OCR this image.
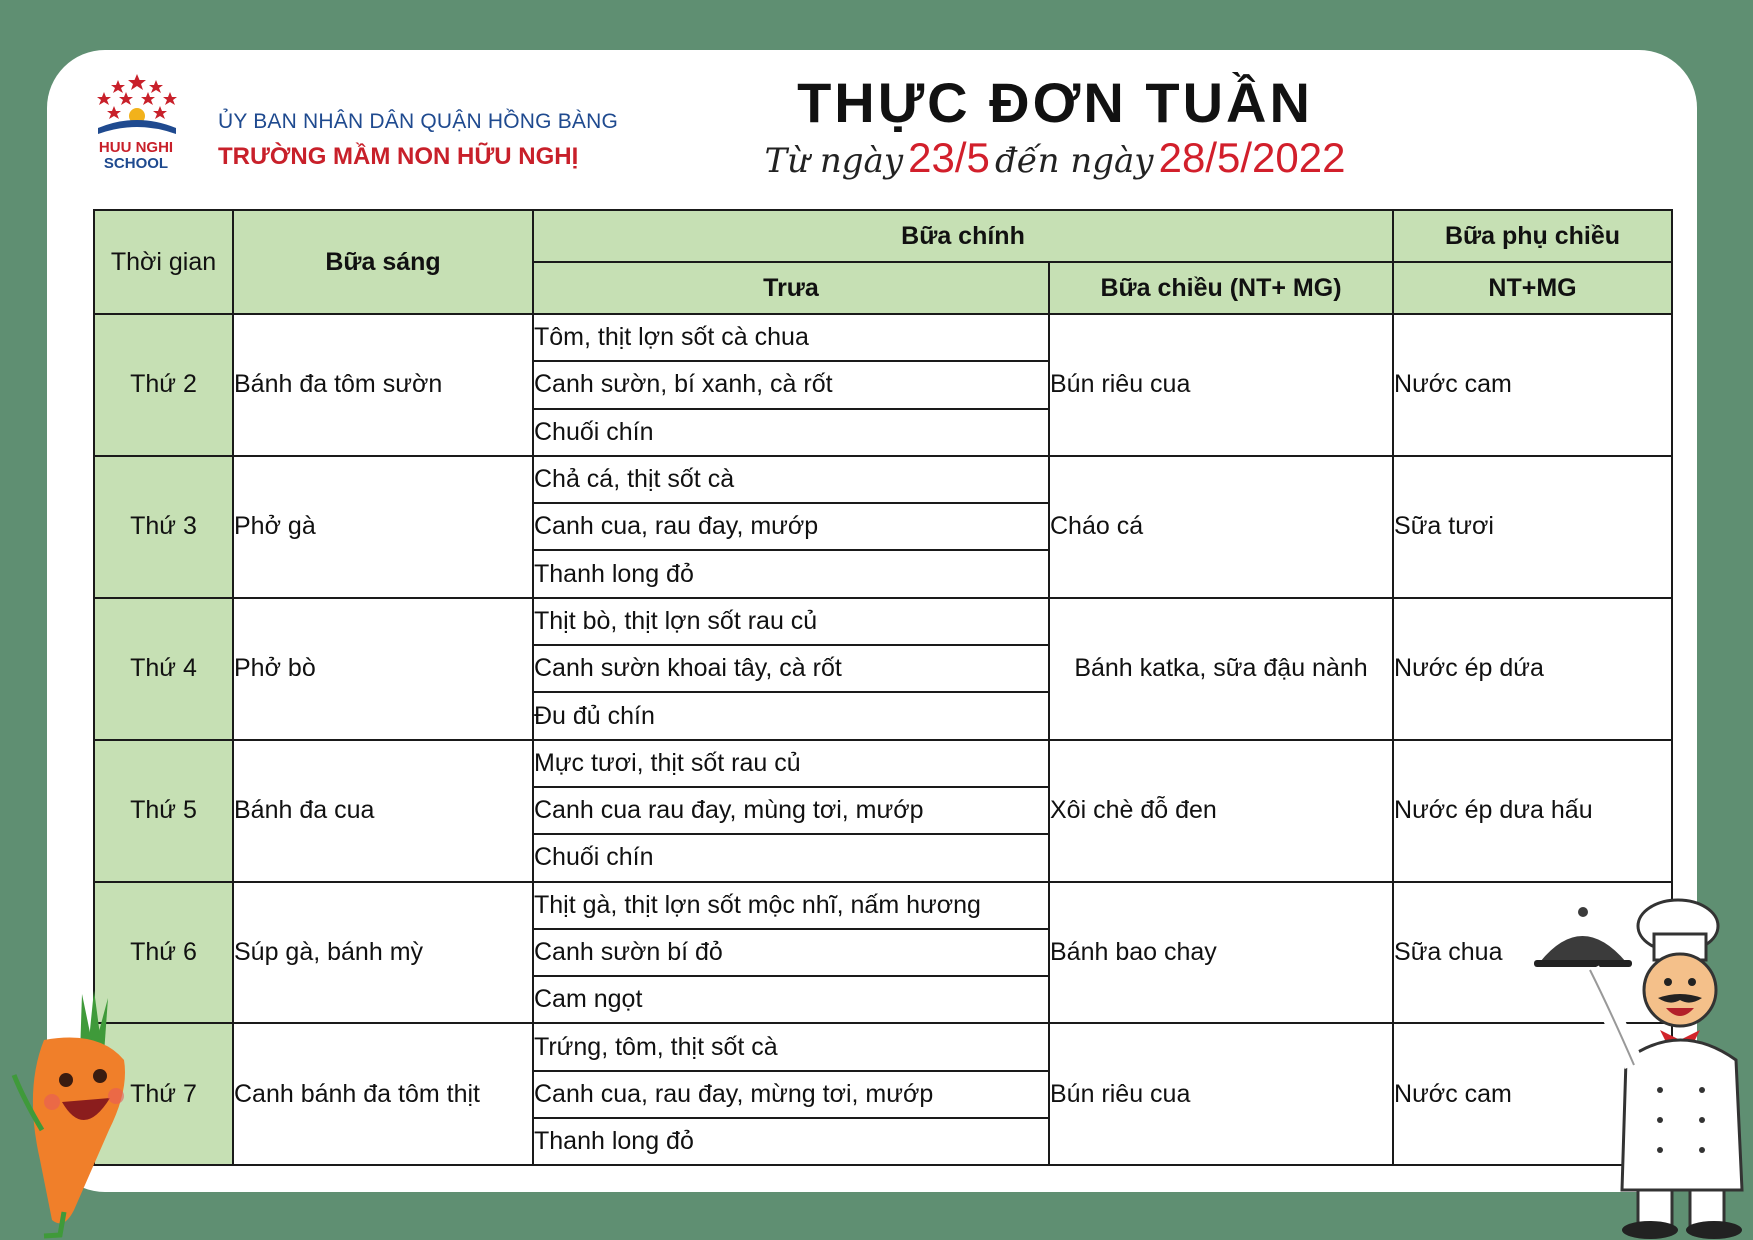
HUU NGHI
SCHOOL
ỦY BAN NHÂN DÂN QUẬN HỒNG BÀNG
TRƯỜNG MẦM NON HỮU NGHỊ
THỰC ĐƠN TUẦN
Từ ngày 23/5 đến ngày 28/5/2022
Thời gian	Bữa sáng	Bữa chính		Bữa phụ chiều
		Trưa	Bữa chiều (NT+ MG)	NT+MG
Thứ 2	Bánh đa tôm sườn	Tôm, thịt lợn sốt cà chua	Bún riêu cua	Nước cam
		Canh sườn, bí xanh, cà rốt		
		Chuối chín		
Thứ 3	Phở gà	Chả cá, thịt sốt cà	Cháo cá	Sữa tươi
		Canh cua, rau đay, mướp		
		Thanh long đỏ		
Thứ 4	Phở bò	Thịt bò, thịt lợn sốt rau củ	Bánh katka, sữa đậu nành	Nước ép dứa
		Canh sườn khoai tây, cà rốt		
		Đu đủ chín		
Thứ 5	Bánh đa cua	Mực tươi, thịt sốt rau củ	Xôi chè đỗ đen	Nước ép dưa hấu
		Canh cua rau đay, mùng tơi, mướp		
		Chuối chín		
Thứ 6	Súp gà, bánh mỳ	Thịt gà, thịt lợn sốt mộc nhĩ, nấm hương	Bánh bao chay	Sữa chua
		Canh sườn bí đỏ		
		Cam ngọt		
Thứ 7	Canh bánh đa tôm thịt	Trứng, tôm, thịt sốt cà	Bún riêu cua	Nước cam
		Canh cua, rau đay, mừng tơi, mướp		
		Thanh long đỏ		
